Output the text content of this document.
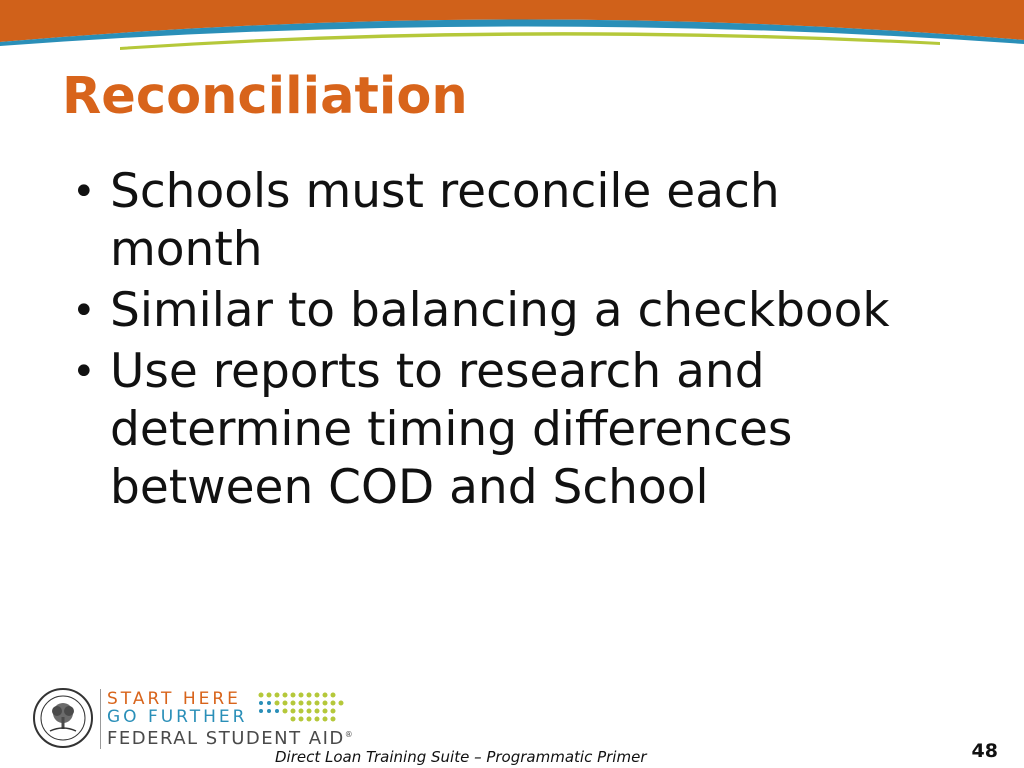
Reconciliation
• Schools must reconcile each
month
• Similar to balancing a checkbook
• Use reports to research and
determine timing differences
between COD and School
START HERE
GO FURTHER
FEDERAL STUDENT AID®
Direct Loan Training Suite – Programmatic Primer	48
